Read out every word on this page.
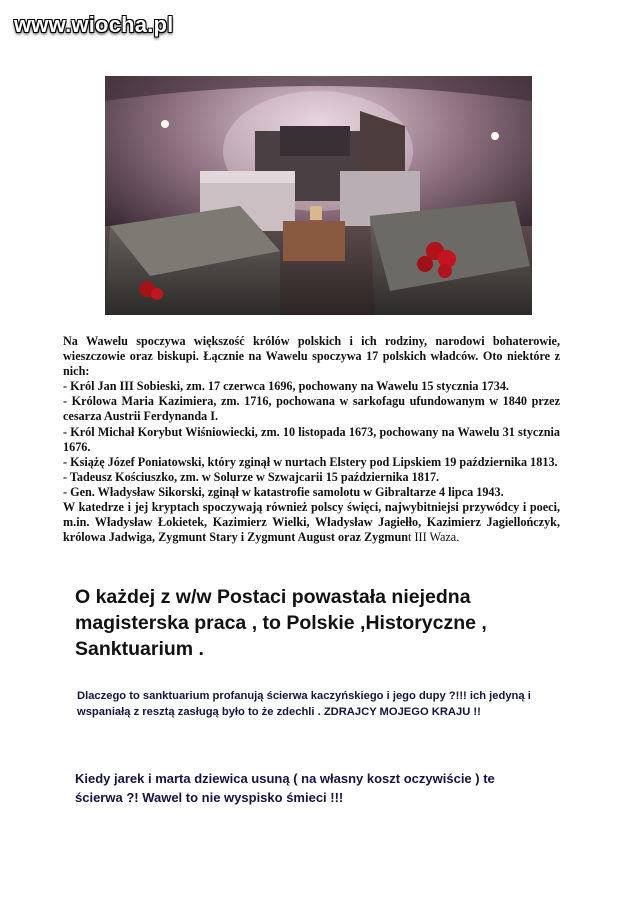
www.wiocha.pl

Na Wawelu spoczywa większość królów polskich i ich rodziny, narodowi bohaterowie, wieszczowie oraz biskupi. Łącznie na Wawelu spoczywa 17 polskich władców. Oto niektóre z nich:

- Król Jan III Sobieski, zm. 17 czerwca 1696, pochowany na Wawelu 15 stycznia 1734.

- Królowa Maria Kazimiera, zm. 1716, pochowana w sarkofagu ufundowanym w 1840 przez cesarza Austrii Ferdynanda I.

- Król Michał Korybut Wiśniowiecki, zm. 10 listopada 1673, pochowany na Wawelu 31 stycznia 1676.

- Książę Józef Poniatowski, który zginął w nurtach Elstery pod Lipskiem 19 października 1813.

- Tadeusz Kościuszko, zm. w Solurze w Szwajcarii 15 października 1817.

- Gen. Władysław Sikorski, zginął w katastrofie samolotu w Gibraltarze 4 lipca 1943.

W katedrze i jej kryptach spoczywają również polscy święci, najwybitniejsi przywódcy i poeci, m.in. Władysław Łokietek, Kazimierz Wielki, Władysław Jagiełło, Kazimierz Jagiellończyk, królowa Jadwiga, Zygmunt Stary i Zygmunt August oraz Zygmunt III Waza.

O każdej z w/w Postaci powastała niejedna magisterska praca , to Polskie ,Historyczne , Sanktuarium .
Dlaczego to sanktuarium profanują ścierwa kaczyńskiego i jego dupy ?!!! ich jedyną i wspaniałą z resztą zasługą było to że zdechli . ZDRAJCY MOJEGO KRAJU !!
Kiedy jarek i marta dziewica usuną ( na własny koszt oczywiście ) te ścierwa ?! Wawel to nie wyspisko śmieci !!!
